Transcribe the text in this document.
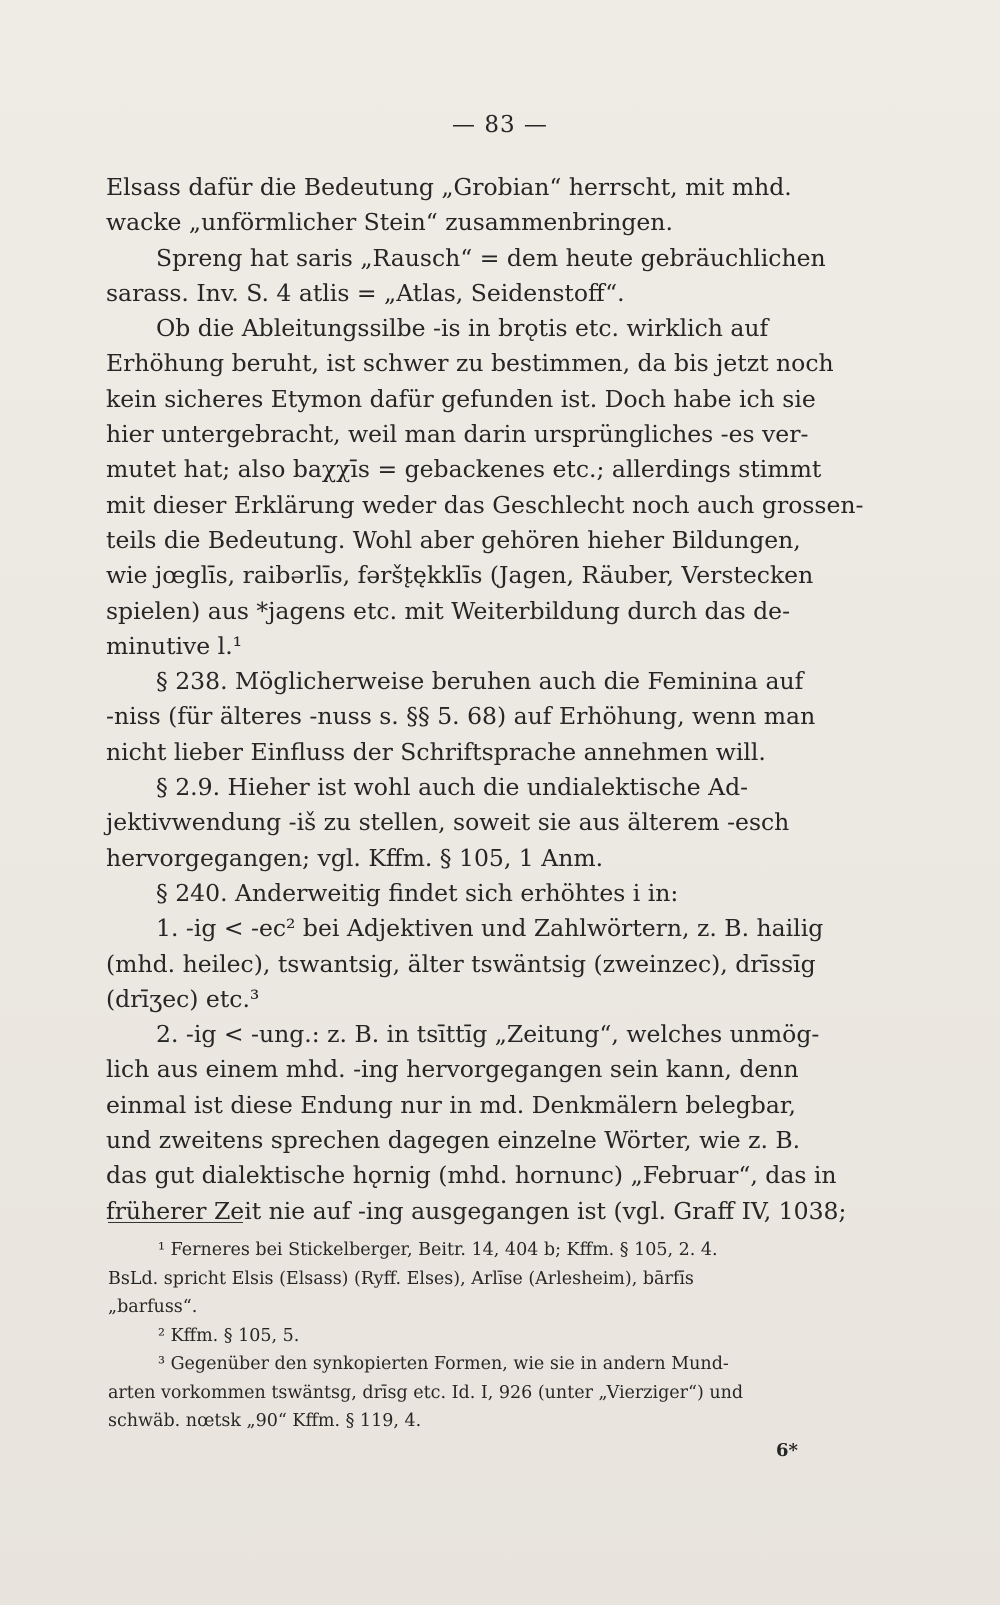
— 83 —
Elsass dafür die Bedeutung „Grobian“ herrscht, mit mhd.
wacke „unförmlicher Stein“ zusammenbringen.
Spreng hat saris „Rausch“ = dem heute gebräuchlichen
sarass. Inv. S. 4 atlis = „Atlas, Seidenstoff“.
Ob die Ableitungssilbe -is in brǫtis etc. wirklich auf
Erhöhung beruht, ist schwer zu bestimmen, da bis jetzt noch
kein sicheres Etymon dafür gefunden ist. Doch habe ich sie
hier untergebracht, weil man darin ursprüngliches -es ver-
mutet hat; also baχχīs = gebackenes etc.; allerdings stimmt
mit dieser Erklärung weder das Geschlecht noch auch grossen-
teils die Bedeutung. Wohl aber gehören hieher Bildungen,
wie jœglīs, raibərlīs, fəršt̨ękklīs (Jagen, Räuber, Verstecken
spielen) aus *jagens etc. mit Weiterbildung durch das de-
minutive l.¹
§ 238. Möglicherweise beruhen auch die Feminina auf
-niss (für älteres -nuss s. §§ 5. 68) auf Erhöhung, wenn man
nicht lieber Einfluss der Schriftsprache annehmen will.
§ 2.9. Hieher ist wohl auch die undialektische Ad-
jektivwendung -iš zu stellen, soweit sie aus älterem -esch
hervorgegangen; vgl. Kffm. § 105, 1 Anm.
§ 240. Anderweitig findet sich erhöhtes i in:
1. -ig < -ec² bei Adjektiven und Zahlwörtern, z. B. hailig
(mhd. heilec), tswantsig, älter tswäntsig (zweinzec), drīssīg
(drīʒec) etc.³
2. -ig < -ung.: z. B. in tsīttīg „Zeitung“, welches unmög-
lich aus einem mhd. -ing hervorgegangen sein kann, denn
einmal ist diese Endung nur in md. Denkmälern belegbar,
und zweitens sprechen dagegen einzelne Wörter, wie z. B.
das gut dialektische hǫrnig (mhd. hornunc) „Februar“, das in
früherer Zeit nie auf -ing ausgegangen ist (vgl. Graff IV, 1038;
¹ Ferneres bei Stickelberger, Beitr. 14, 404 b; Kffm. § 105, 2. 4.
BsLd. spricht Elsis (Elsass) (Ryff. Elses), Arlīse (Arlesheim), bārfīs
„barfuss“.
² Kffm. § 105, 5.
³ Gegenüber den synkopierten Formen, wie sie in andern Mund-
arten vorkommen tswäntsg, drīsg etc. Id. I, 926 (unter „Vierziger“) und
schwäb. nœtsk „90“ Kffm. § 119, 4.
6*
